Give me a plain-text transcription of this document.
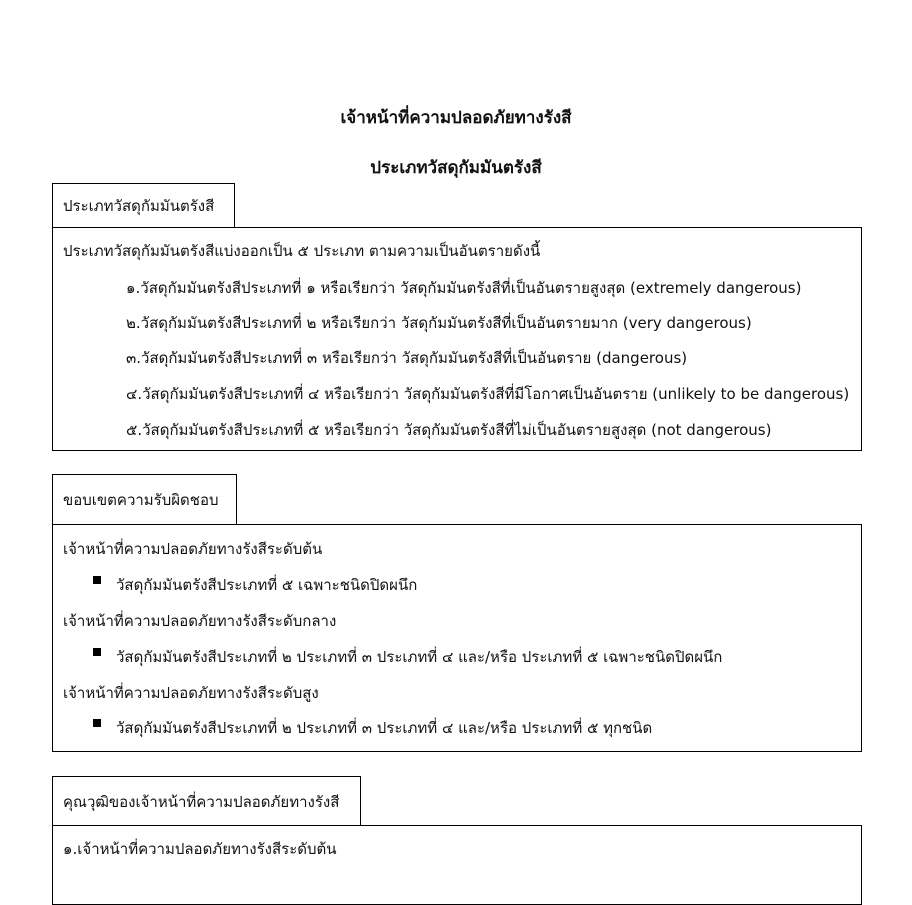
เจ้าหน้าที่ความปลอดภัยทางรังสี
ประเภทวัสดุกัมมันตรังสี
ประเภทวัสดุกัมมันตรังสี
ประเภทวัสดุกัมมันตรังสีแบ่งออกเป็น ๕ ประเภท ตามความเป็นอันตรายดังนี้
๑.วัสดุกัมมันตรังสีประเภทที่ ๑ หรือเรียกว่า วัสดุกัมมันตรังสีที่เป็นอันตรายสูงสุด (extremely dangerous)
๒.วัสดุกัมมันตรังสีประเภทที่ ๒ หรือเรียกว่า วัสดุกัมมันตรังสีที่เป็นอันตรายมาก (very dangerous)
๓.วัสดุกัมมันตรังสีประเภทที่ ๓ หรือเรียกว่า วัสดุกัมมันตรังสีที่เป็นอันตราย (dangerous)
๔.วัสดุกัมมันตรังสีประเภทที่ ๔ หรือเรียกว่า วัสดุกัมมันตรังสีที่มีโอกาศเป็นอันตราย (unlikely to be dangerous)
๕.วัสดุกัมมันตรังสีประเภทที่ ๕ หรือเรียกว่า วัสดุกัมมันตรังสีที่ไม่เป็นอันตรายสูงสุด (not dangerous)
ขอบเขตความรับผิดชอบ
เจ้าหน้าที่ความปลอดภัยทางรังสีระดับต้น
วัสดุกัมมันตรังสีประเภทที่ ๕ เฉพาะชนิดปิดผนึก
เจ้าหน้าที่ความปลอดภัยทางรังสีระดับกลาง
วัสดุกัมมันตรังสีประเภทที่ ๒ ประเภทที่ ๓ ประเภทที่ ๔ และ/หรือ ประเภทที่ ๕ เฉพาะชนิดปิดผนึก
เจ้าหน้าที่ความปลอดภัยทางรังสีระดับสูง
วัสดุกัมมันตรังสีประเภทที่ ๒ ประเภทที่ ๓ ประเภทที่ ๔ และ/หรือ ประเภทที่ ๕ ทุกชนิด
คุณวุฒิของเจ้าหน้าที่ความปลอดภัยทางรังสี
๑.เจ้าหน้าที่ความปลอดภัยทางรังสีระดับต้น
